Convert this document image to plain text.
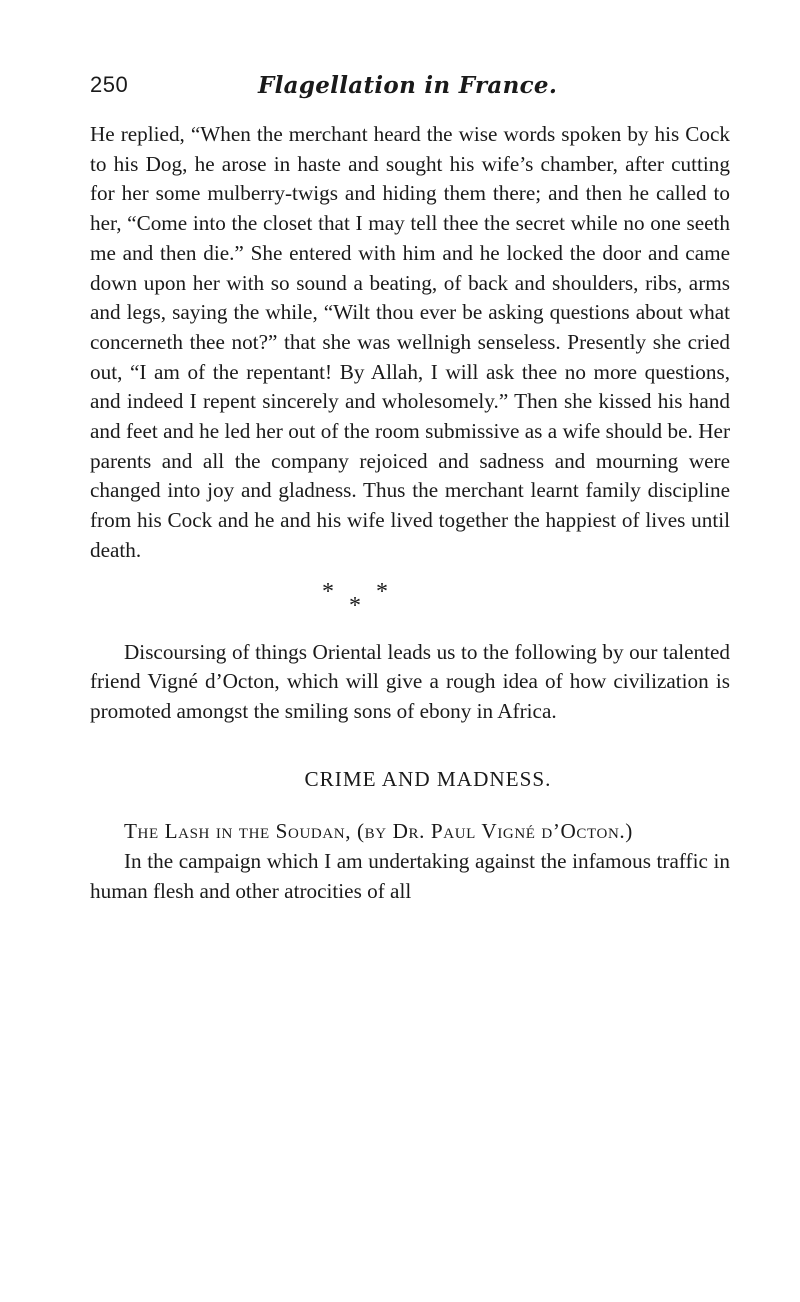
250	Flagellation in France.

He replied, “When the merchant heard the wise words spoken by his Cock to his Dog, he arose in haste and sought his wife’s chamber, after cutting for her some mulberry-twigs and hiding them there; and then he called to her, “Come into the closet that I may tell thee the secret while no one seeth me and then die.” She entered with him and he locked the door and came down upon her with so sound a beating, of back and shoulders, ribs, arms and legs, saying the while, “Wilt thou ever be asking questions about what concerneth thee not?” that she was wellnigh senseless. Presently she cried out, “I am of the repentant! By Allah, I will ask thee no more questions, and indeed I repent sincerely and wholesomely.” Then she kissed his hand and feet and he led her out of the room submissive as a wife should be. Her parents and all the company rejoiced and sadness and mourning were changed into joy and gladness. Thus the merchant learnt family discipline from his Cock and he and his wife lived together the happiest of lives until death.

* *
*

Discoursing of things Oriental leads us to the following by our talented friend Vigné d’Octon, which will give a rough idea of how civilization is promoted amongst the smiling sons of ebony in Africa.

CRIME AND MADNESS.
The Lash in the Soudan, (by Dr. Paul Vigné d’Octon.)

In the campaign which I am undertaking against the infamous traffic in human flesh and other atrocities of all
